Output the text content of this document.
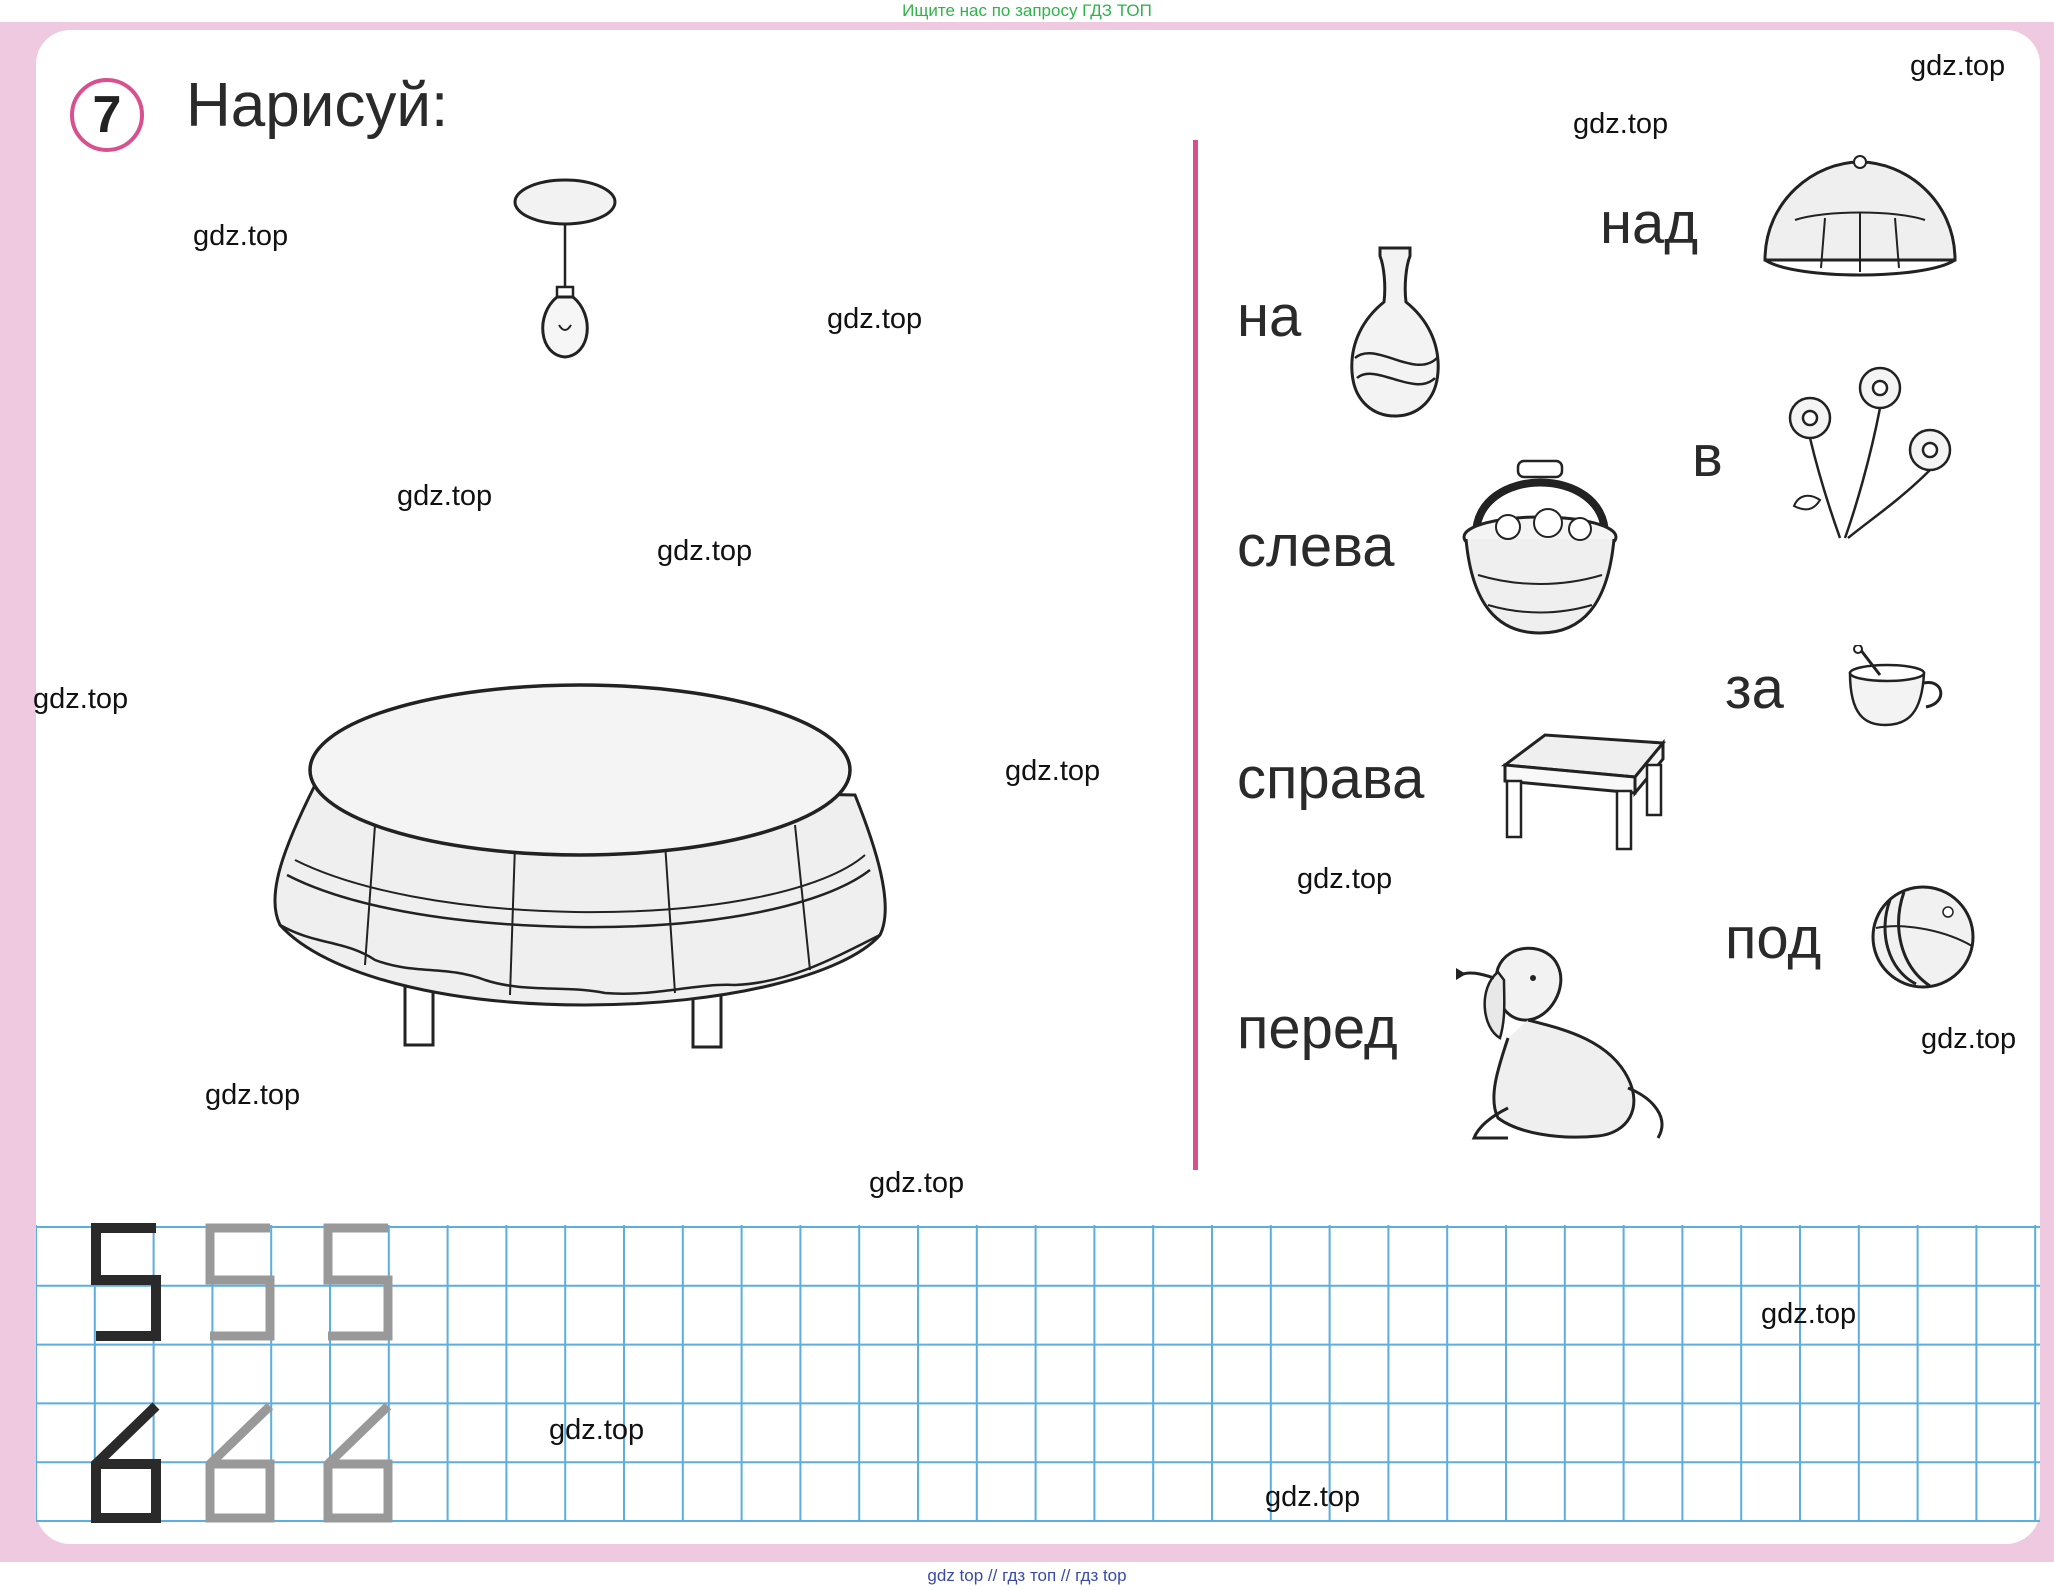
Ищите нас по запросу ГДЗ ТОП
7	Нарисуй:
над
на
в
слева
за
справа
под
перед
gdz.top
gdz.top
gdz.top
gdz.top
gdz.top
gdz.top
gdz.top
gdz.top
gdz.top
gdz.top
gdz.top
gdz.top
gdz.top
gdz.top
gdz.top
gdz top // гдз топ // гдз top
